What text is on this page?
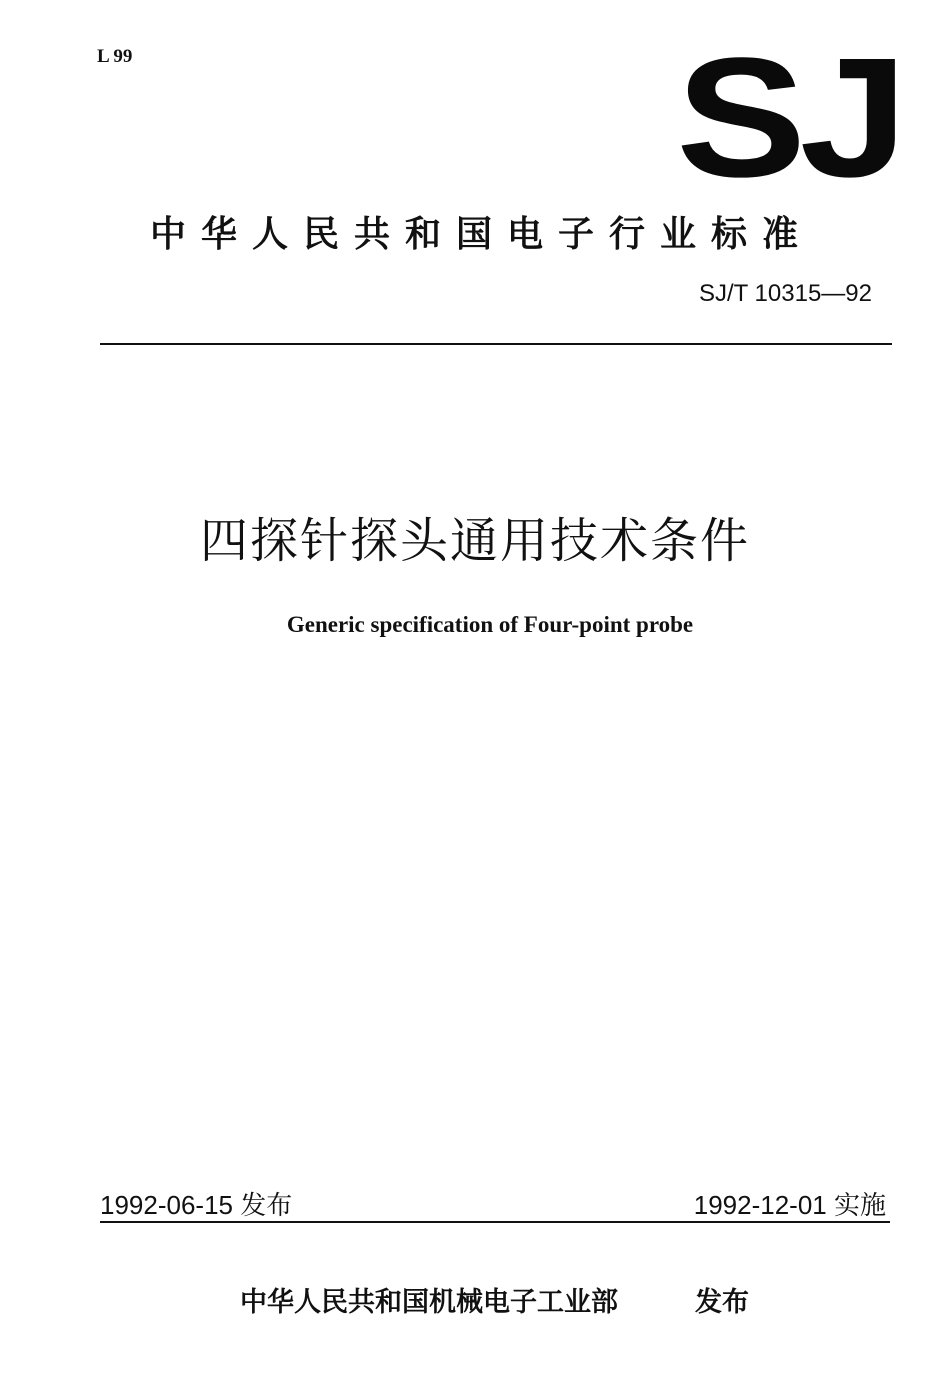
L 99	SJ
中华人民共和国电子行业标准
SJ/T 10315—92
四探针探头通用技术条件
Generic specification of Four-point probe
1992-06-15 发布	1992-12-01 实施
中华人民共和国机械电子工业部	发布
